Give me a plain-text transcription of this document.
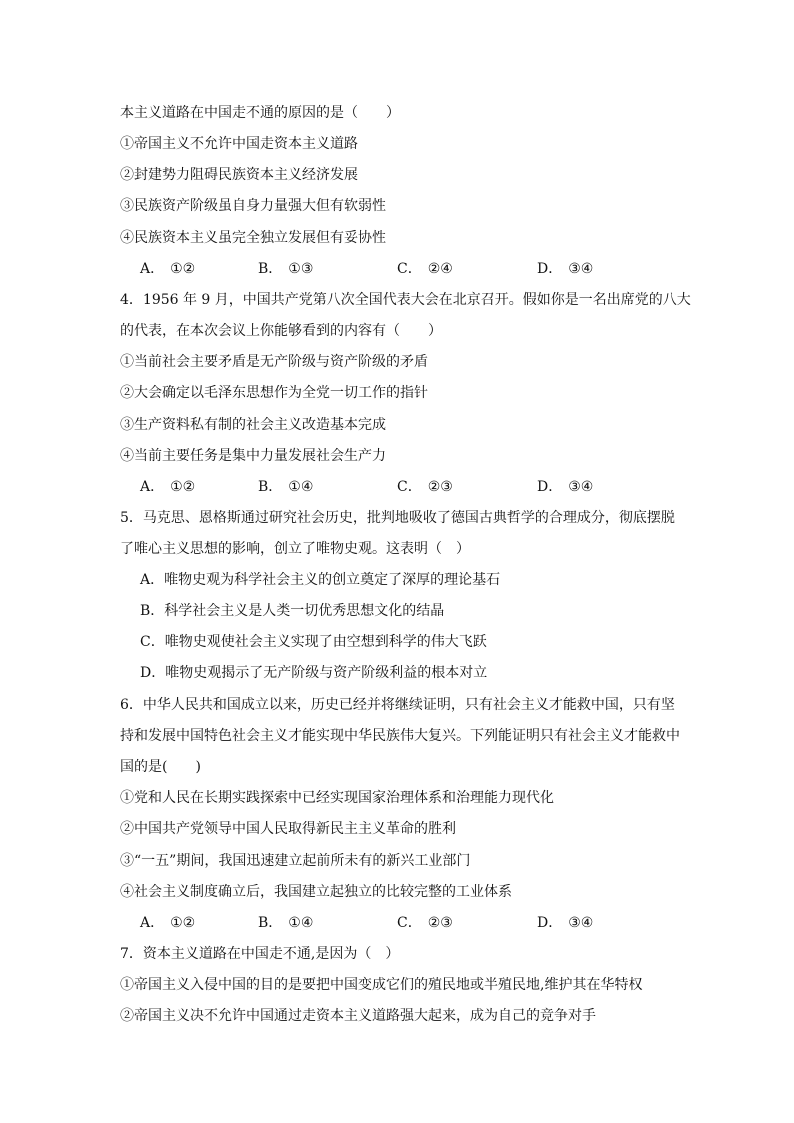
本主义道路在中国走不通的原因的是（　　）
①帝国主义不允许中国走资本主义道路
②封建势力阻碍民族资本主义经济发展
③民族资产阶级虽自身力量强大但有软弱性
④民族资本主义虽完全独立发展但有妥协性
A． ①②	B． ①③	C． ②④	D． ③④
4．1956 年 9 月，中国共产党第八次全国代表大会在北京召开。假如你是一名出席党的八大
的代表，在本次会议上你能够看到的内容有（　　）
①当前社会主要矛盾是无产阶级与资产阶级的矛盾
②大会确定以毛泽东思想作为全党一切工作的指针
③生产资料私有制的社会主义改造基本完成
④当前主要任务是集中力量发展社会生产力
A． ①②	B． ①④	C． ②③	D． ③④
5．马克思、恩格斯通过研究社会历史，批判地吸收了德国古典哲学的合理成分，彻底摆脱
了唯心主义思想的影响，创立了唯物史观。这表明（　）
A．唯物史观为科学社会主义的创立奠定了深厚的理论基石
B．科学社会主义是人类一切优秀思想文化的结晶
C．唯物史观使社会主义实现了由空想到科学的伟大飞跃
D．唯物史观揭示了无产阶级与资产阶级利益的根本对立
6．中华人民共和国成立以来，历史已经并将继续证明，只有社会主义才能救中国，只有坚
持和发展中国特色社会主义才能实现中华民族伟大复兴。下列能证明只有社会主义才能救中
国的是(　　)
①党和人民在长期实践探索中已经实现国家治理体系和治理能力现代化
②中国共产党领导中国人民取得新民主主义革命的胜利
③“一五”期间，我国迅速建立起前所未有的新兴工业部门
④社会主义制度确立后，我国建立起独立的比较完整的工业体系
A． ①②	B． ①④	C． ②③	D． ③④
7．资本主义道路在中国走不通,是因为（　）
①帝国主义入侵中国的目的是要把中国变成它们的殖民地或半殖民地,维护其在华特权
②帝国主义决不允许中国通过走资本主义道路强大起来，成为自己的竞争对手
